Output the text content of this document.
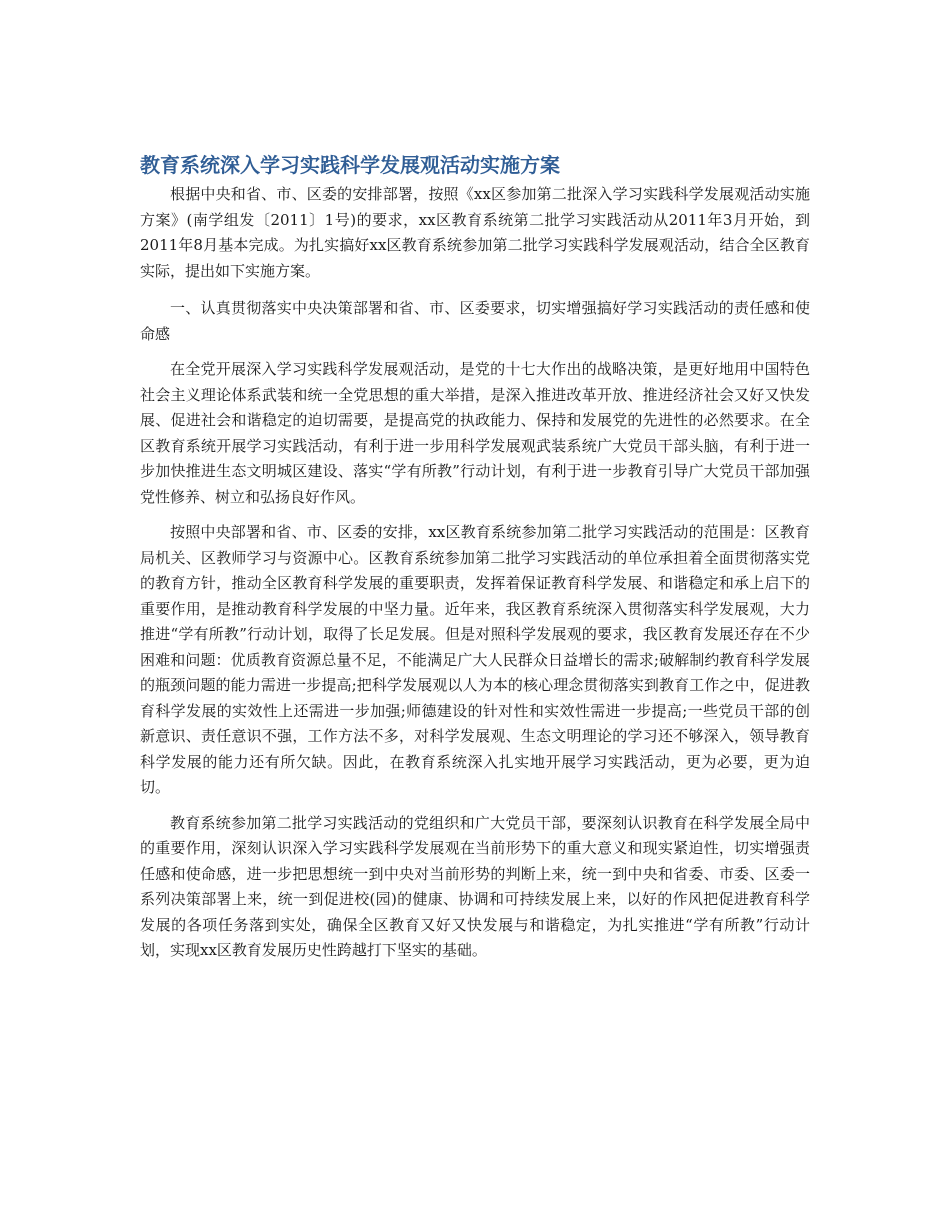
教育系统深入学习实践科学发展观活动实施方案

根据中央和省、市、区委的安排部署，按照《xx区参加第二批深入学习实践科学发展观活动实施方案》(南学组发〔2011〕1号)的要求，xx区教育系统第二批学习实践活动从2011年3月开始，到2011年8月基本完成。为扎实搞好xx区教育系统参加第二批学习实践科学发展观活动，结合全区教育实际，提出如下实施方案。

一、认真贯彻落实中央决策部署和省、市、区委要求，切实增强搞好学习实践活动的责任感和使命感

在全党开展深入学习实践科学发展观活动，是党的十七大作出的战略决策，是更好地用中国特色社会主义理论体系武装和统一全党思想的重大举措，是深入推进改革开放、推进经济社会又好又快发展、促进社会和谐稳定的迫切需要，是提高党的执政能力、保持和发展党的先进性的必然要求。在全区教育系统开展学习实践活动，有利于进一步用科学发展观武装系统广大党员干部头脑，有利于进一步加快推进生态文明城区建设、落实“学有所教”行动计划，有利于进一步教育引导广大党员干部加强党性修养、树立和弘扬良好作风。

按照中央部署和省、市、区委的安排，xx区教育系统参加第二批学习实践活动的范围是：区教育局机关、区教师学习与资源中心。区教育系统参加第二批学习实践活动的单位承担着全面贯彻落实党的教育方针，推动全区教育科学发展的重要职责，发挥着保证教育科学发展、和谐稳定和承上启下的重要作用，是推动教育科学发展的中坚力量。近年来，我区教育系统深入贯彻落实科学发展观，大力推进“学有所教”行动计划，取得了长足发展。但是对照科学发展观的要求，我区教育发展还存在不少困难和问题：优质教育资源总量不足，不能满足广大人民群众日益增长的需求;破解制约教育科学发展的瓶颈问题的能力需进一步提高;把科学发展观以人为本的核心理念贯彻落实到教育工作之中，促进教育科学发展的实效性上还需进一步加强;师德建设的针对性和实效性需进一步提高;一些党员干部的创新意识、责任意识不强，工作方法不多，对科学发展观、生态文明理论的学习还不够深入，领导教育科学发展的能力还有所欠缺。因此，在教育系统深入扎实地开展学习实践活动，更为必要，更为迫切。

教育系统参加第二批学习实践活动的党组织和广大党员干部，要深刻认识教育在科学发展全局中的重要作用，深刻认识深入学习实践科学发展观在当前形势下的重大意义和现实紧迫性，切实增强责任感和使命感，进一步把思想统一到中央对当前形势的判断上来，统一到中央和省委、市委、区委一系列决策部署上来，统一到促进校(园)的健康、协调和可持续发展上来，以好的作风把促进教育科学发展的各项任务落到实处，确保全区教育又好又快发展与和谐稳定，为扎实推进“学有所教”行动计划，实现xx区教育发展历史性跨越打下坚实的基础。
